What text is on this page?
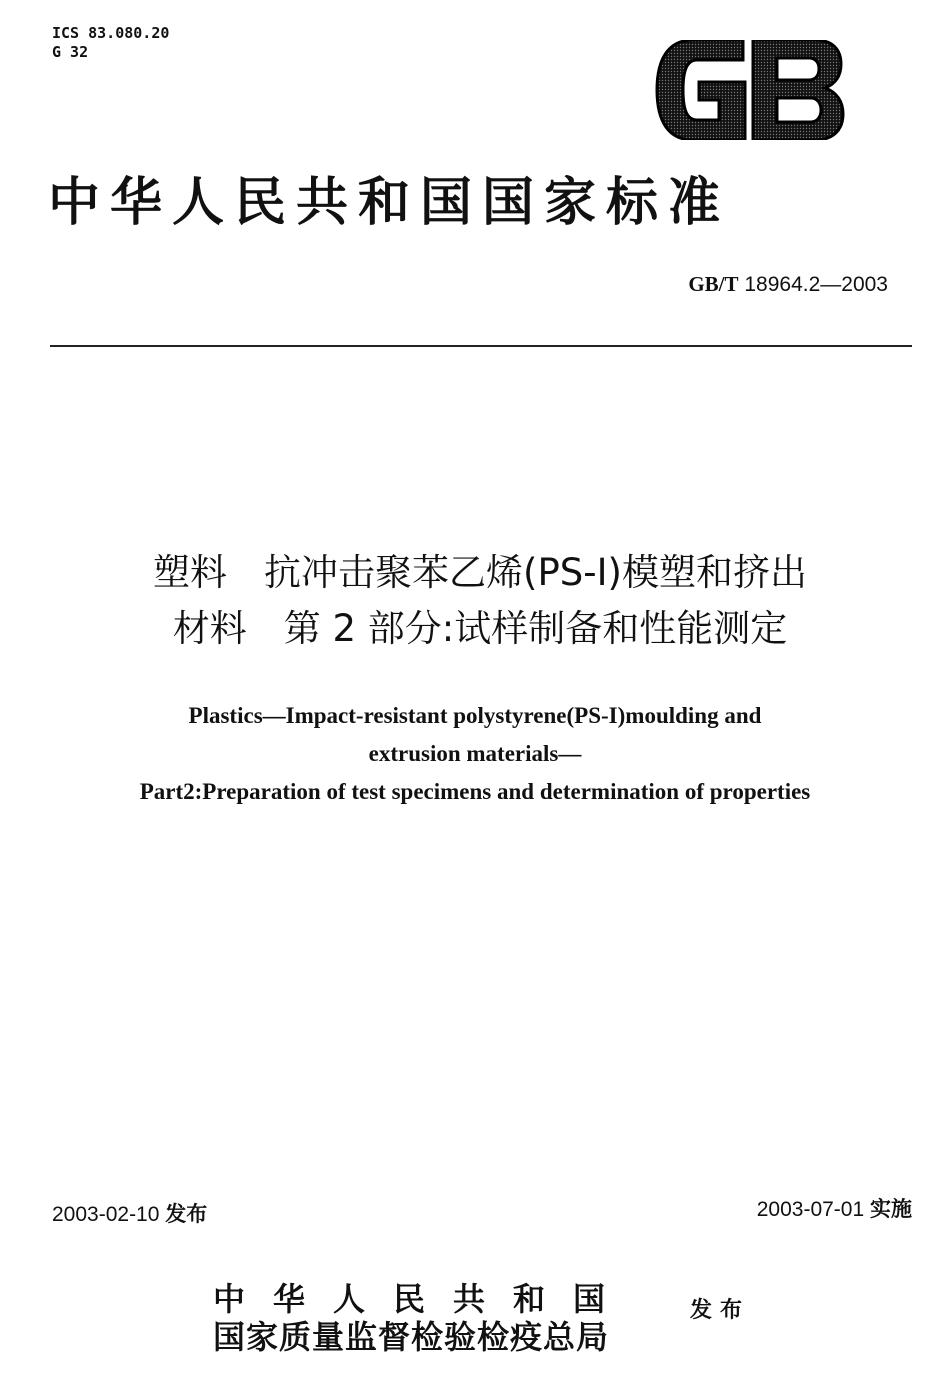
ICS 83.080.20
G 32
中华人民共和国国家标准
GB/T 18964.2—2003
塑料　抗冲击聚苯乙烯(PS-I)模塑和挤出
材料　第 2 部分:试样制备和性能测定
Plastics—Impact-resistant polystyrene(PS-I)moulding and
extrusion materials—
Part2:Preparation of test specimens and determination of properties
2003-02-10 发布	2003-07-01 实施
中华人民共和国
国家质量监督检验检疫总局
发布
